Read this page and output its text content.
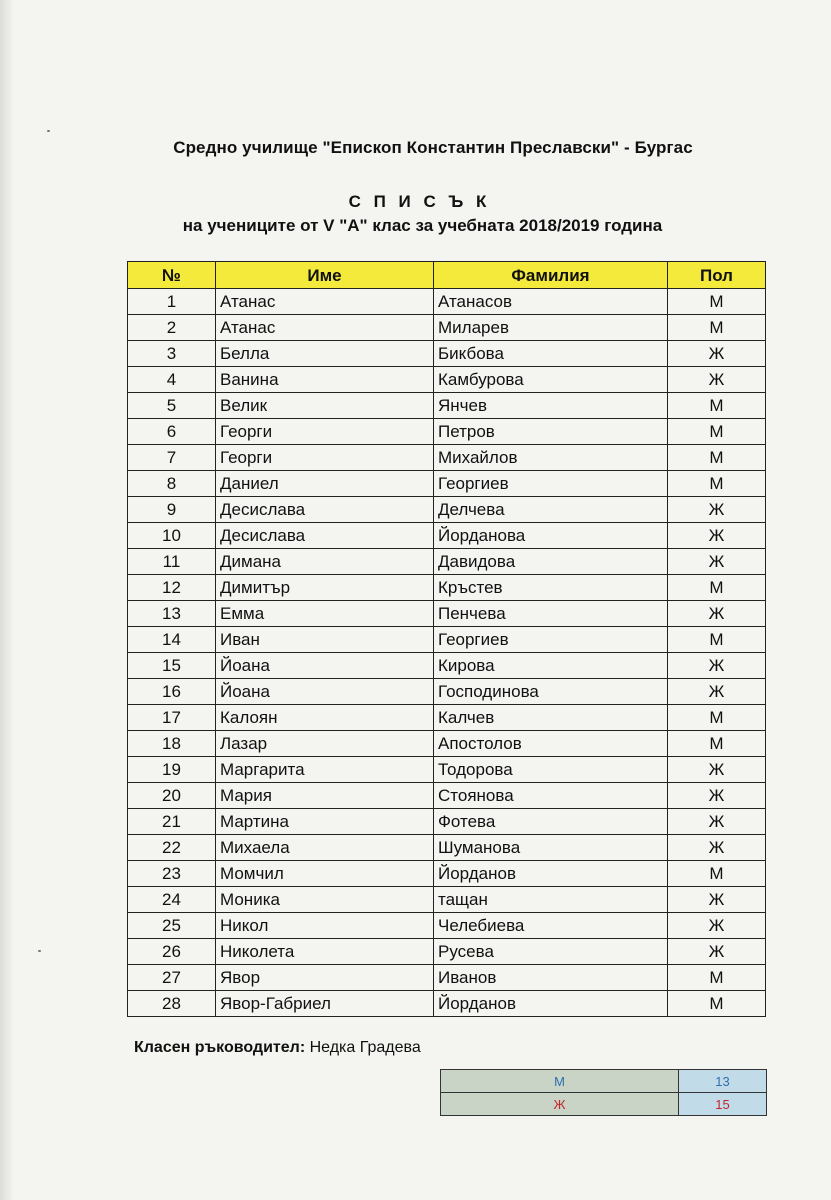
Средно училище "Епископ Константин Преславски" - Бургас
С П И С Ъ К
на учениците от V "А" клас за учебната 2018/2019 година
№	Име	Фамилия	Пол
1	Атанас	Атанасов	М
2	Атанас	Миларев	М
3	Белла	Бикбова	Ж
4	Ванина	Камбурова	Ж
5	Велик	Янчев	М
6	Георги	Петров	М
7	Георги	Михайлов	М
8	Даниел	Георгиев	М
9	Десислава	Делчева	Ж
10	Десислава	Йорданова	Ж
11	Димана	Давидова	Ж
12	Димитър	Кръстев	М
13	Емма	Пенчева	Ж
14	Иван	Георгиев	М
15	Йоана	Кирова	Ж
16	Йоана	Господинова	Ж
17	Калоян	Калчев	М
18	Лазар	Апостолов	М
19	Маргарита	Тодорова	Ж
20	Мария	Стоянова	Ж
21	Мартина	Фотева	Ж
22	Михаела	Шуманова	Ж
23	Момчил	Йорданов	М
24	Моника	тащан	Ж
25	Никол	Челебиева	Ж
26	Николета	Русева	Ж
27	Явор	Иванов	М
28	Явор-Габриел	Йорданов	М
Класен ръководител: Недка Градева
М	13
Ж	15
